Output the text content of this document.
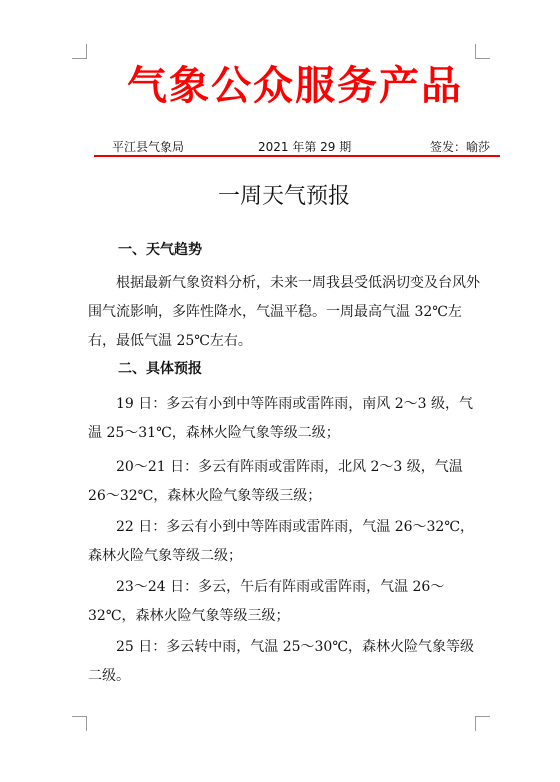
气象公众服务产品
平江县气象局	2021 年第 29 期	签发：喻莎
一周天气预报
一、天气趋势

根据最新气象资料分析，未来一周我县受低涡切变及台风外围气流影响，多阵性降水，气温平稳。一周最高气温 32℃左右，最低气温 25℃左右。

二、具体预报

19 日：多云有小到中等阵雨或雷阵雨，南风 2～3 级，气温 25～31℃，森林火险气象等级二级；

20～21 日：多云有阵雨或雷阵雨，北风 2～3 级，气温 26～32℃，森林火险气象等级三级；

22 日：多云有小到中等阵雨或雷阵雨，气温 26～32℃，森林火险气象等级二级；

23～24 日：多云，午后有阵雨或雷阵雨，气温 26～32℃，森林火险气象等级三级；

25 日：多云转中雨，气温 25～30℃，森林火险气象等级二级。
